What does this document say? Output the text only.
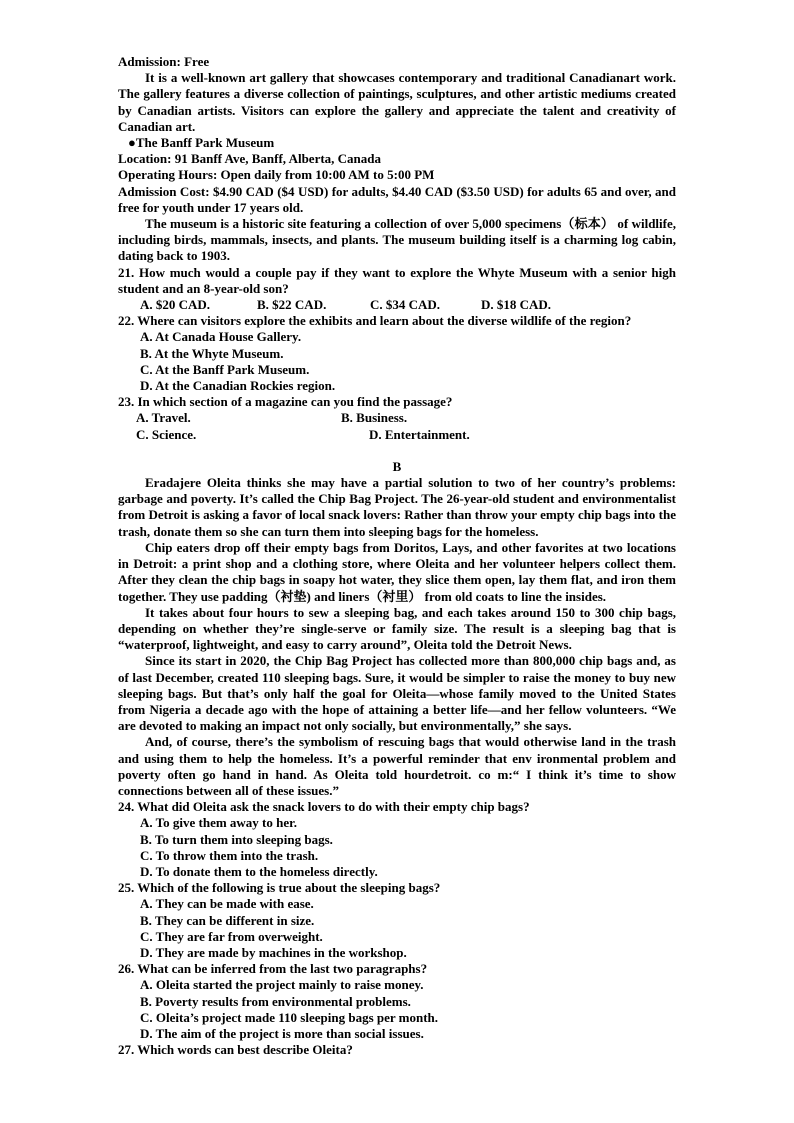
Admission: Free
It is a well-known art gallery that showcases contemporary and traditional Canadianart work. The gallery features a diverse collection of paintings, sculptures, and other artistic mediums created by Canadian artists. Visitors can explore the gallery and appreciate the talent and creativity of Canadian art.
●The Banff Park Museum
Location: 91 Banff Ave, Banff, Alberta, Canada
Operating Hours: Open daily from 10:00 AM to 5:00 PM
Admission Cost: $4.90 CAD ($4 USD) for adults, $4.40 CAD ($3.50 USD) for adults 65 and over, and free for youth under 17 years old.
The museum is a historic site featuring a collection of over 5,000 specimens（标本） of wildlife, including birds, mammals, insects, and plants. The museum building itself is a charming log cabin, dating back to 1903.
21. How much would a couple pay if they want to explore the Whyte Museum with a senior high student and an 8-year-old son?
A. $20 CAD.	B. $22 CAD.	C. $34 CAD.	D. $18 CAD.
22. Where can visitors explore the exhibits and learn about the diverse wildlife of the region?
A. At Canada House Gallery.
B. At the Whyte Museum.
C. At the Banff Park Museum.
D. At the Canadian Rockies region.
23. In which section of a magazine can you find the passage?
A. Travel.	B. Business.
C. Science.	D. Entertainment.
B
Eradajere Oleita thinks she may have a partial solution to two of her country’s problems: garbage and poverty. It’s called the Chip Bag Project. The 26-year-old student and environmentalist from Detroit is asking a favor of local snack lovers: Rather than throw your empty chip bags into the trash, donate them so she can turn them into sleeping bags for the homeless.
Chip eaters drop off their empty bags from Doritos, Lays, and other favorites at two locations in Detroit: a print shop and a clothing store, where Oleita and her volunteer helpers collect them. After they clean the chip bags in soapy hot water, they slice them open, lay them flat, and iron them together. They use padding（衬垫) and liners（衬里） from old coats to line the insides.
It takes about four hours to sew a sleeping bag, and each takes around 150 to 300 chip bags, depending on whether they’re single-serve or family size. The result is a sleeping bag that is “waterproof, lightweight, and easy to carry around”, Oleita told the Detroit News.
Since its start in 2020, the Chip Bag Project has collected more than 800,000 chip bags and, as of last December, created 110 sleeping bags. Sure, it would be simpler to raise the money to buy new sleeping bags. But that’s only half the goal for Oleita—whose family moved to the United States from Nigeria a decade ago with the hope of attaining a better life—and her fellow volunteers. “We are devoted to making an impact not only socially, but environmentally,” she says.
And, of course, there’s the symbolism of rescuing bags that would otherwise land in the trash and using them to help the homeless. It’s a powerful reminder that env ironmental problem and poverty often go hand in hand. As Oleita told hourdetroit. co m:“ I think it’s time to show connections between all of these issues.”
24. What did Oleita ask the snack lovers to do with their empty chip bags?
A. To give them away to her.
B. To turn them into sleeping bags.
C. To throw them into the trash.
D. To donate them to the homeless directly.
25. Which of the following is true about the sleeping bags?
A. They can be made with ease.
B. They can be different in size.
C. They are far from overweight.
D. They are made by machines in the workshop.
26. What can be inferred from the last two paragraphs?
A. Oleita started the project mainly to raise money.
B. Poverty results from environmental problems.
C. Oleita’s project made 110 sleeping bags per month.
D. The aim of the project is more than social issues.
27. Which words can best describe Oleita?
